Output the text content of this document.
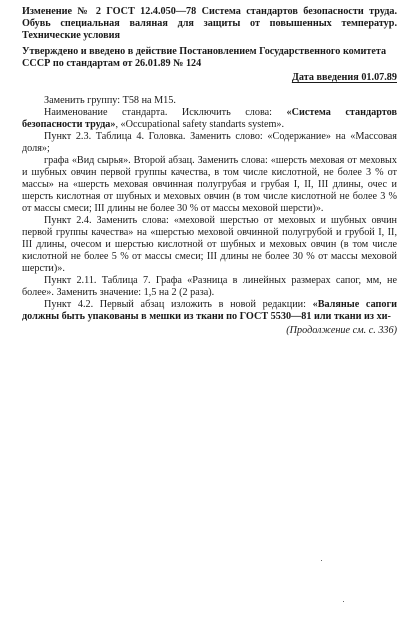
Изменение № 2 ГОСТ 12.4.050—78 Система стандартов безопасности труда. Обувь специальная валяная для защиты от повышенных температур. Технические условия

Утверждено и введено в действие Постановлением Государственного комитета СССР по стандартам от 26.01.89 № 124

Дата введения 01.07.89

Заменить группу: Т58 на М15.

Наименование стандарта. Исключить слова: «Система стандартов безопасности труда», «Occupational safety standarts system».

Пункт 2.3. Таблица 4. Головка. Заменить слово: «Содержание» на «Массовая доля»;

графа «Вид сырья». Второй абзац. Заменить слова: «шерсть меховая от меховых и шубных овчин первой группы качества, в том числе кислотной, не более 3 % от массы» на «шерсть меховая овчинная полугрубая и грубая I, II, III длины, очес и шерсть кислотная от шубных и меховых овчин (в том числе кислотной не более 3 % от массы смеси; III длины не более 30 % от массы меховой шерсти)».

Пункт 2.4. Заменить слова: «меховой шерстью от меховых и шубных овчин первой группы качества» на «шерстью меховой овчинной полугрубой и грубой I, II, III длины, очесом и шерстью кислотной от шубных и меховых овчин (в том числе кислотной не более 5 % от массы смеси; III длины не более 30 % от массы меховой шерсти)».

Пункт 2.11. Таблица 7. Графа «Разница в линейных размерах сапог, мм, не более». Заменить значение: 1,5 на 2 (2 раза).

Пункт 4.2. Первый абзац изложить в новой редакции: «Валяные сапоги должны быть упакованы в мешки из ткани по ГОСТ 5530—81 или ткани из хи-

(Продолжение см. с. 336)
